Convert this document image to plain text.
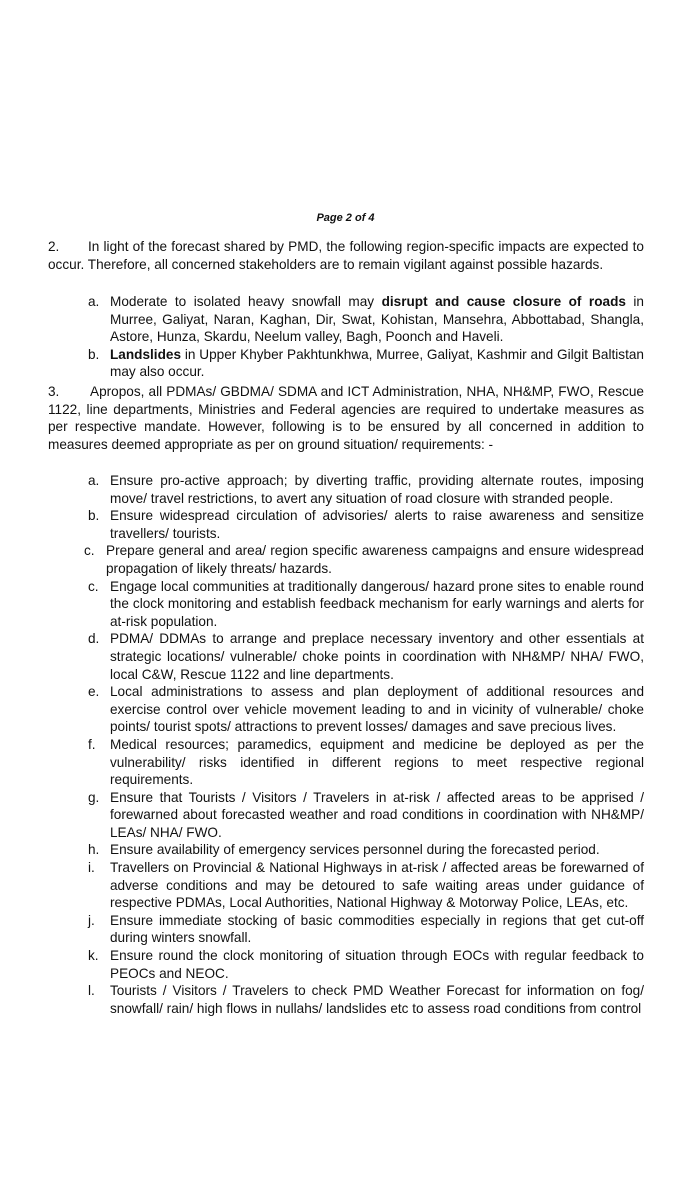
Page 2 of 4

2. In light of the forecast shared by PMD, the following region-specific impacts are expected to occur. Therefore, all concerned stakeholders are to remain vigilant against possible hazards.

a. Moderate to isolated heavy snowfall may disrupt and cause closure of roads in Murree, Galiyat, Naran, Kaghan, Dir, Swat, Kohistan, Mansehra, Abbottabad, Shangla, Astore, Hunza, Skardu, Neelum valley, Bagh, Poonch and Haveli.
b. Landslides in Upper Khyber Pakhtunkhwa, Murree, Galiyat, Kashmir and Gilgit Baltistan may also occur.

3. Apropos, all PDMAs/ GBDMA/ SDMA and ICT Administration, NHA, NH&MP, FWO, Rescue 1122, line departments, Ministries and Federal agencies are required to undertake measures as per respective mandate. However, following is to be ensured by all concerned in addition to measures deemed appropriate as per on ground situation/ requirements: -

a. Ensure pro-active approach; by diverting traffic, providing alternate routes, imposing move/ travel restrictions, to avert any situation of road closure with stranded people.
b. Ensure widespread circulation of advisories/ alerts to raise awareness and sensitize travellers/ tourists.
c. Prepare general and area/ region specific awareness campaigns and ensure widespread propagation of likely threats/ hazards.
c. Engage local communities at traditionally dangerous/ hazard prone sites to enable round the clock monitoring and establish feedback mechanism for early warnings and alerts for at-risk population.
d. PDMA/ DDMAs to arrange and preplace necessary inventory and other essentials at strategic locations/ vulnerable/ choke points in coordination with NH&MP/ NHA/ FWO, local C&W, Rescue 1122 and line departments.
e. Local administrations to assess and plan deployment of additional resources and exercise control over vehicle movement leading to and in vicinity of vulnerable/ choke points/ tourist spots/ attractions to prevent losses/ damages and save precious lives.
f. Medical resources; paramedics, equipment and medicine be deployed as per the vulnerability/ risks identified in different regions to meet respective regional requirements.
g. Ensure that Tourists / Visitors / Travelers in at-risk / affected areas to be apprised / forewarned about forecasted weather and road conditions in coordination with NH&MP/ LEAs/ NHA/ FWO.
h. Ensure availability of emergency services personnel during the forecasted period.
i. Travellers on Provincial & National Highways in at-risk / affected areas be forewarned of adverse conditions and may be detoured to safe waiting areas under guidance of respective PDMAs, Local Authorities, National Highway & Motorway Police, LEAs, etc.
j. Ensure immediate stocking of basic commodities especially in regions that get cut-off during winters snowfall.
k. Ensure round the clock monitoring of situation through EOCs with regular feedback to PEOCs and NEOC.
l. Tourists / Visitors / Travelers to check PMD Weather Forecast for information on fog/ snowfall/ rain/ high flows in nullahs/ landslides etc to assess road conditions from control
